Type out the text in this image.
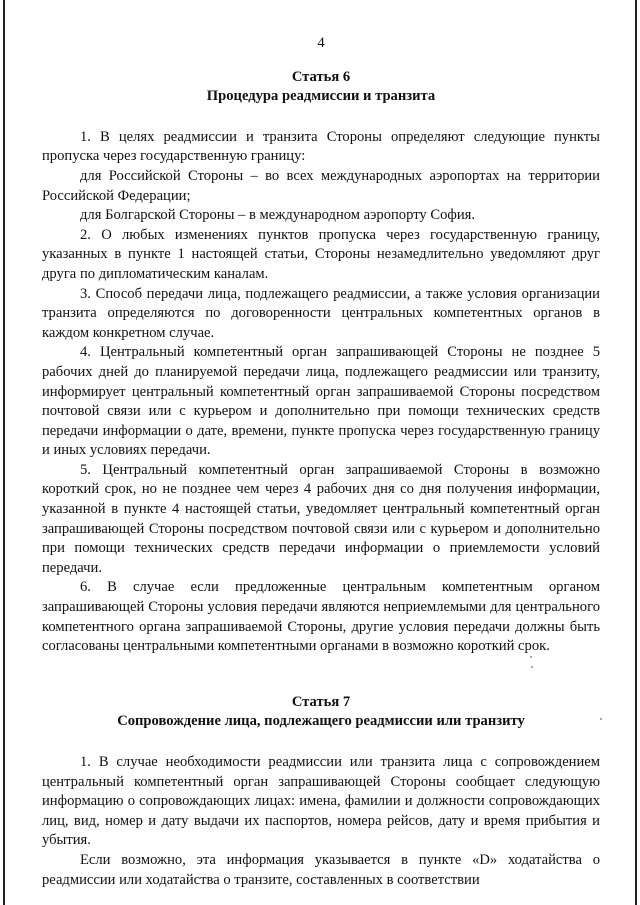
4
Статья 6
Процедура реадмиссии и транзита

1. В целях реадмиссии и транзита Стороны определяют следующие пункты пропуска через государственную границу:

для Российской Стороны – во всех международных аэропортах на территории Российской Федерации;

для Болгарской Стороны – в международном аэропорту София.

2. О любых изменениях пунктов пропуска через государственную границу, указанных в пункте 1 настоящей статьи, Стороны незамедлительно уведомляют друг друга по дипломатическим каналам.

3. Способ передачи лица, подлежащего реадмиссии, а также условия организации транзита определяются по договоренности центральных компетентных органов в каждом конкретном случае.

4. Центральный компетентный орган запрашивающей Стороны не позднее 5 рабочих дней до планируемой передачи лица, подлежащего реадмиссии или транзиту, информирует центральный компетентный орган запрашиваемой Стороны посредством почтовой связи или с курьером и дополнительно при помощи технических средств передачи информации о дате, времени, пункте пропуска через государственную границу и иных условиях передачи.

5. Центральный компетентный орган запрашиваемой Стороны в возможно короткий срок, но не позднее чем через 4 рабочих дня со дня получения информации, указанной в пункте 4 настоящей статьи, уведомляет центральный компетентный орган запрашивающей Стороны посредством почтовой связи или с курьером и дополнительно при помощи технических средств передачи информации о приемлемости условий передачи.

6. В случае если предложенные центральным компетентным органом запрашивающей Стороны условия передачи являются неприемлемыми для центрального компетентного органа запрашиваемой Стороны, другие условия передачи должны быть согласованы центральными компетентными органами в возможно короткий срок.

Статья 7
Сопровождение лица, подлежащего реадмиссии или транзиту

1. В случае необходимости реадмиссии или транзита лица с сопровождением центральный компетентный орган запрашивающей Стороны сообщает следующую информацию о сопровождающих лицах: имена, фамилии и должности сопровождающих лиц, вид, номер и дату выдачи их паспортов, номера рейсов, дату и время прибытия и убытия.

Если возможно, эта информация указывается в пункте «D» ходатайства о реадмиссии или ходатайства о транзите, составленных в соответствии
